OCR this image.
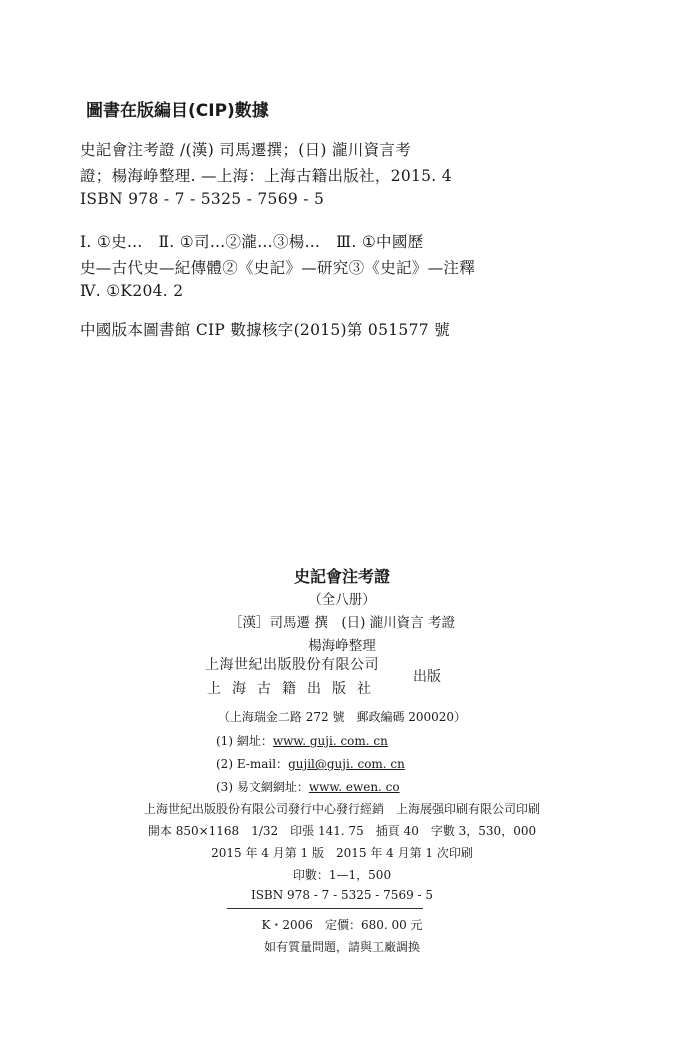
圖書在版編目(CIP)數據
史記會注考證 /(漢) 司馬遷撰；(日) 瀧川資言考
證；楊海峥整理. —上海：上海古籍出版社，2015. 4
ISBN 978 - 7 - 5325 - 7569 - 5
Ⅰ. ①史…　Ⅱ. ①司…②瀧…③楊…　Ⅲ. ①中國歷
史—古代史—紀傳體②《史記》—研究③《史記》—注釋
Ⅳ. ①K204. 2
中國版本圖書館 CIP 數據核字(2015)第 051577 號
史記會注考證
（全八册）
［漢］司馬遷 撰　(日) 瀧川資言 考證
楊海峥整理
上海世紀出版股份有限公司
上海古籍出版社
出版
（上海瑞金二路 272 號　郵政編碼 200020）
(1) 網址：www. guji. com. cn
(2) E-mail：gujil@guji. com. cn
(3) 易文網網址：www. ewen. co
上海世紀出版股份有限公司發行中心發行經銷　上海展强印刷有限公司印刷
開本 850×1168　1/32　印張 141. 75　插頁 40　字數 3，530，000
2015 年 4 月第 1 版　2015 年 4 月第 1 次印刷
印數：1—1，500
ISBN 978 - 7 - 5325 - 7569 - 5
K・2006　定價：680. 00 元
如有質量問題，請與工廠調换
